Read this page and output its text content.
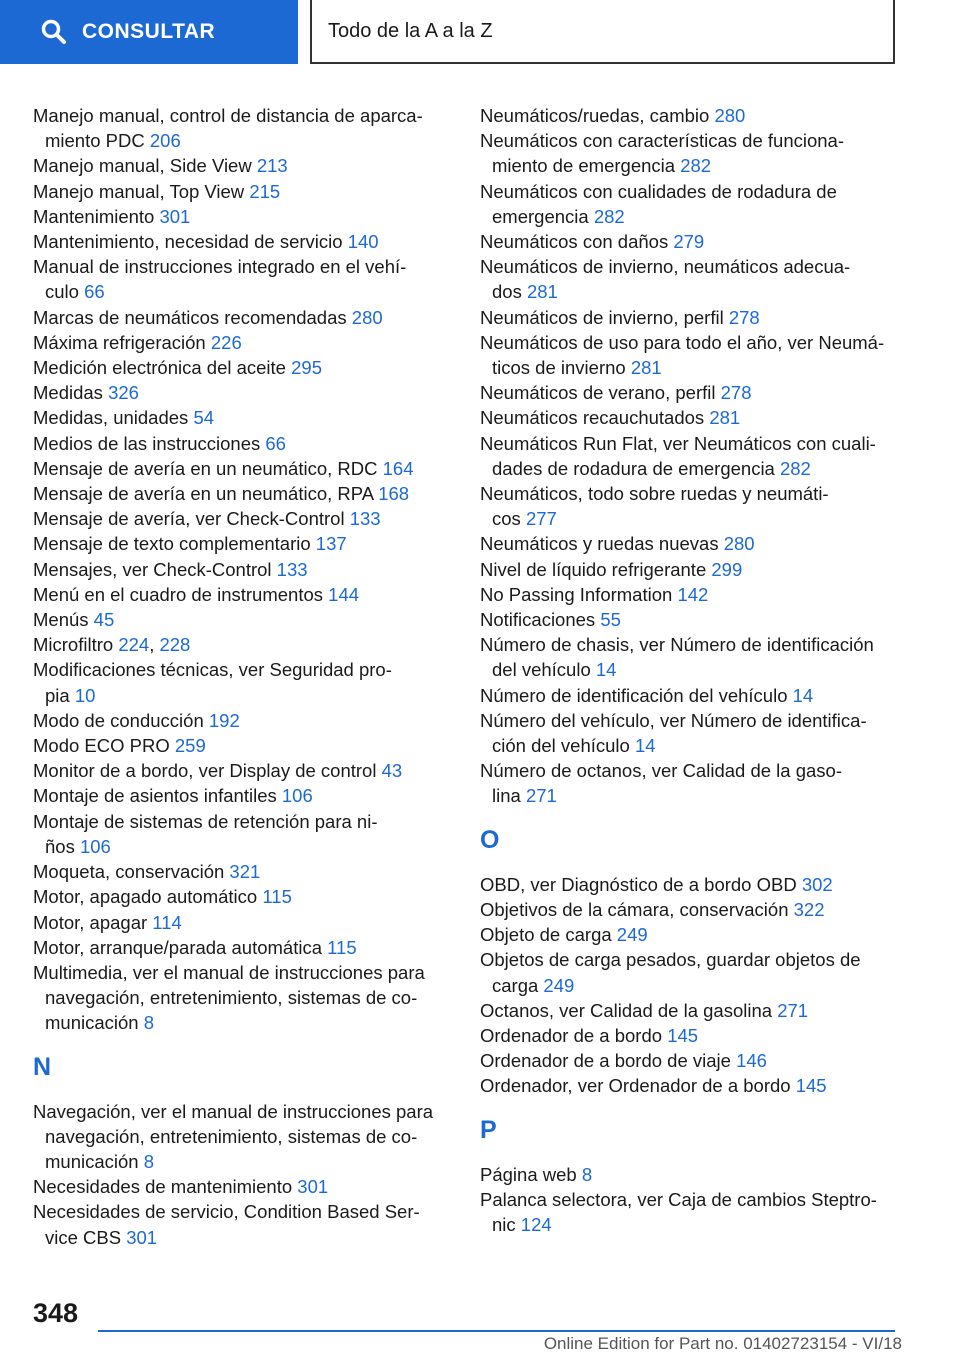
CONSULTAR	Todo de la A a la Z
Manejo manual, control de distancia de aparca-
miento PDC 206
Manejo manual, Side View 213
Manejo manual, Top View 215
Mantenimiento 301
Mantenimiento, necesidad de servicio 140
Manual de instrucciones integrado en el vehí-
culo 66
Marcas de neumáticos recomendadas 280
Máxima refrigeración 226
Medición electrónica del aceite 295
Medidas 326
Medidas, unidades 54
Medios de las instrucciones 66
Mensaje de avería en un neumático, RDC 164
Mensaje de avería en un neumático, RPA 168
Mensaje de avería, ver Check-Control 133
Mensaje de texto complementario 137
Mensajes, ver Check-Control 133
Menú en el cuadro de instrumentos 144
Menús 45
Microfiltro 224, 228
Modificaciones técnicas, ver Seguridad pro-
pia 10
Modo de conducción 192
Modo ECO PRO 259
Monitor de a bordo, ver Display de control 43
Montaje de asientos infantiles 106
Montaje de sistemas de retención para ni-
ños 106
Moqueta, conservación 321
Motor, apagado automático 115
Motor, apagar 114
Motor, arranque/parada automática 115
Multimedia, ver el manual de instrucciones para
navegación, entretenimiento, sistemas de co-
municación 8
N
Navegación, ver el manual de instrucciones para
navegación, entretenimiento, sistemas de co-
municación 8
Necesidades de mantenimiento 301
Necesidades de servicio, Condition Based Ser-
vice CBS 301
Neumáticos/ruedas, cambio 280
Neumáticos con características de funciona-
miento de emergencia 282
Neumáticos con cualidades de rodadura de
emergencia 282
Neumáticos con daños 279
Neumáticos de invierno, neumáticos adecua-
dos 281
Neumáticos de invierno, perfil 278
Neumáticos de uso para todo el año, ver Neumá-
ticos de invierno 281
Neumáticos de verano, perfil 278
Neumáticos recauchutados 281
Neumáticos Run Flat, ver Neumáticos con cuali-
dades de rodadura de emergencia 282
Neumáticos, todo sobre ruedas y neumáti-
cos 277
Neumáticos y ruedas nuevas 280
Nivel de líquido refrigerante 299
No Passing Information 142
Notificaciones 55
Número de chasis, ver Número de identificación
del vehículo 14
Número de identificación del vehículo 14
Número del vehículo, ver Número de identifica-
ción del vehículo 14
Número de octanos, ver Calidad de la gaso-
lina 271
O
OBD, ver Diagnóstico de a bordo OBD 302
Objetivos de la cámara, conservación 322
Objeto de carga 249
Objetos de carga pesados, guardar objetos de
carga 249
Octanos, ver Calidad de la gasolina 271
Ordenador de a bordo 145
Ordenador de a bordo de viaje 146
Ordenador, ver Ordenador de a bordo 145
P
Página web 8
Palanca selectora, ver Caja de cambios Steptro-
nic 124
348
Online Edition for Part no. 01402723154 - VI/18
